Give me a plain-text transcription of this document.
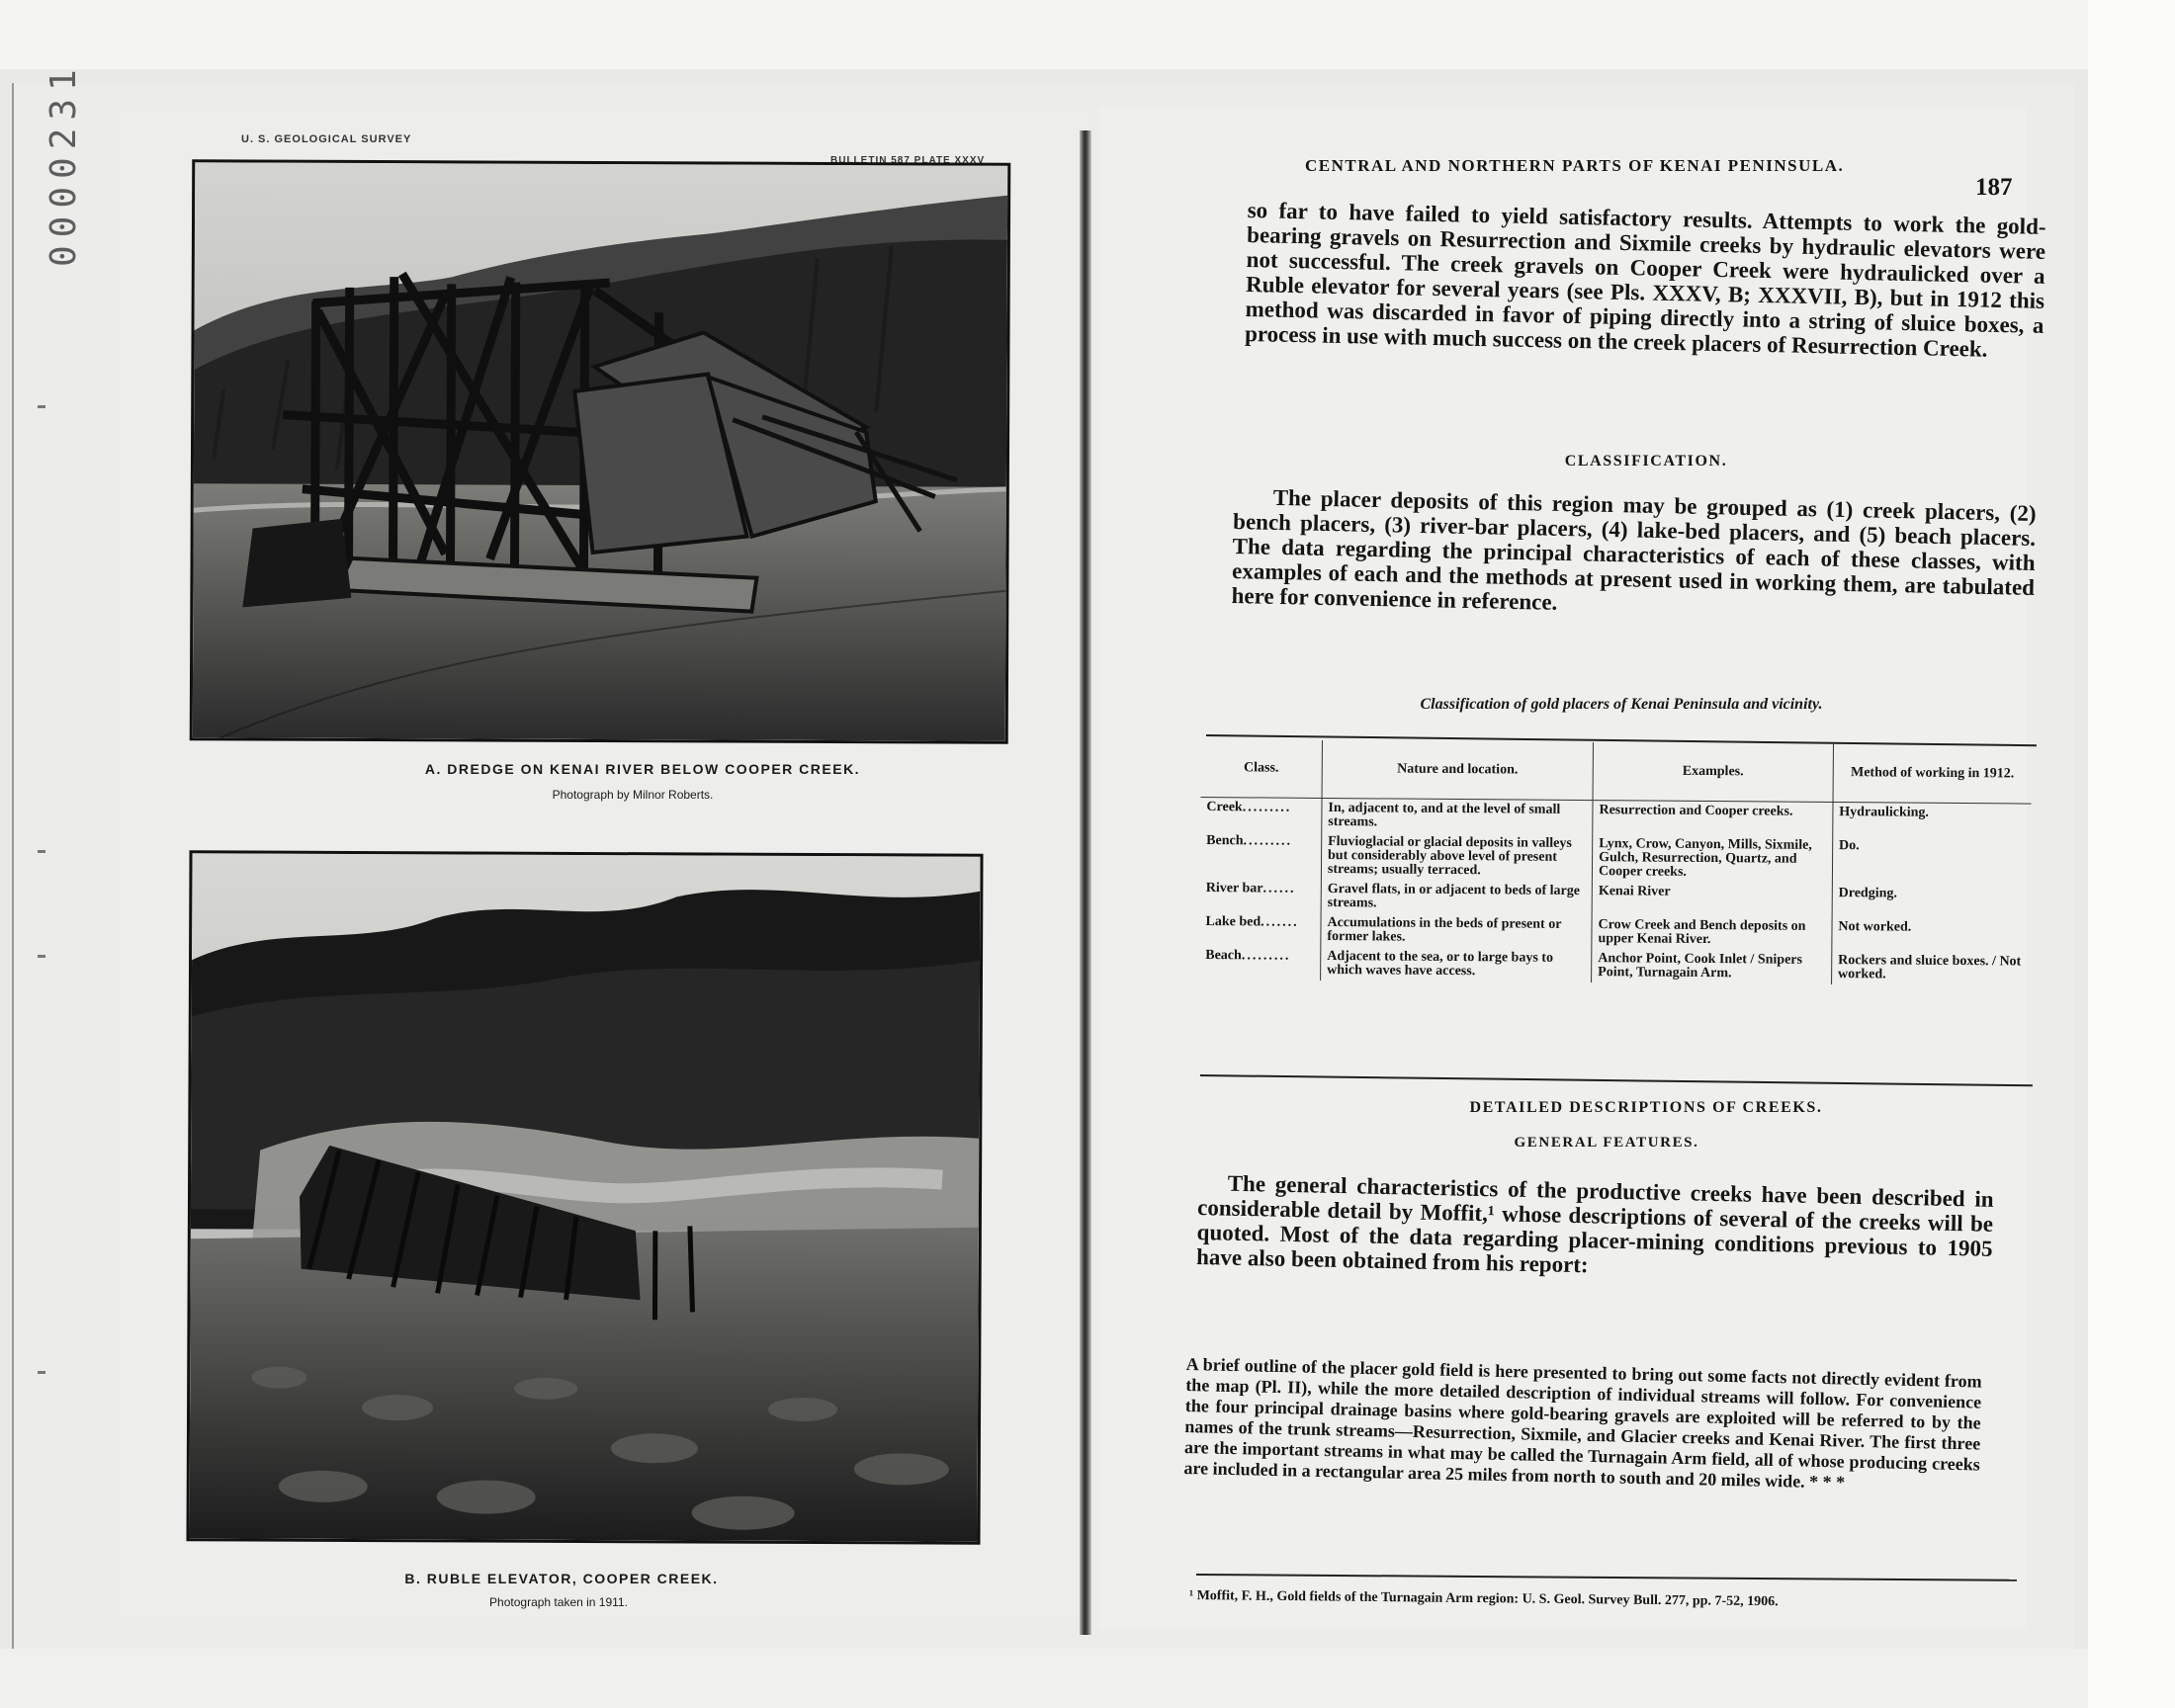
0000231	U. S. GEOLOGICAL SURVEY
BULLETIN 587 PLATE XXXV
A. DREDGE ON KENAI RIVER BELOW COOPER CREEK.
Photograph by Milnor Roberts.
B. RUBLE ELEVATOR, COOPER CREEK.
Photograph taken in 1911.
CENTRAL AND NORTHERN PARTS OF KENAI PENINSULA.
187
so far to have failed to yield satisfactory results. Attempts to work the gold-bearing gravels on Resurrection and Sixmile creeks by hydraulic elevators were not successful. The creek gravels on Cooper Creek were hydraulicked over a Ruble elevator for several years (see Pls. XXXV, B; XXXVII, B), but in 1912 this method was discarded in favor of piping directly into a string of sluice boxes, a process in use with much success on the creek placers of Resurrection Creek.
CLASSIFICATION.
The placer deposits of this region may be grouped as (1) creek placers, (2) bench placers, (3) river-bar placers, (4) lake-bed placers, and (5) beach placers. The data regarding the principal characteristics of each of these classes, with examples of each and the methods at present used in working them, are tabulated here for convenience in reference.
Classification of gold placers of Kenai Peninsula and vicinity.
Class.	Nature and location.	Examples.	Method of working in 1912.
Creek.........	In, adjacent to, and at the level of small streams.	Resurrection and Cooper creeks.	Hydraulicking.
Bench.........	Fluvioglacial or glacial deposits in valleys but considerably above level of present streams; usually terraced.	Lynx, Crow, Canyon, Mills, Sixmile, Gulch, Resurrection, Quartz, and Cooper creeks.	Do.
River bar......	Gravel flats, in or adjacent to beds of large streams.	Kenai River	Dredging.
Lake bed.......	Accumulations in the beds of present or former lakes.	Crow Creek and Bench deposits on upper Kenai River.	Not worked.
Beach.........	Adjacent to the sea, or to large bays to which waves have access.	Anchor Point, Cook Inlet / Snipers Point, Turnagain Arm.	Rockers and sluice boxes. / Not worked.
DETAILED DESCRIPTIONS OF CREEKS.
GENERAL FEATURES.
The general characteristics of the productive creeks have been described in considerable detail by Moffit,¹ whose descriptions of several of the creeks will be quoted. Most of the data regarding placer-mining conditions previous to 1905 have also been obtained from his report:
A brief outline of the placer gold field is here presented to bring out some facts not directly evident from the map (Pl. II), while the more detailed description of individual streams will follow. For convenience the four principal drainage basins where gold-bearing gravels are exploited will be referred to by the names of the trunk streams—Resurrection, Sixmile, and Glacier creeks and Kenai River. The first three are the important streams in what may be called the Turnagain Arm field, all of whose producing creeks are included in a rectangular area 25 miles from north to south and 20 miles wide. * * *
¹ Moffit, F. H., Gold fields of the Turnagain Arm region: U. S. Geol. Survey Bull. 277, pp. 7-52, 1906.
